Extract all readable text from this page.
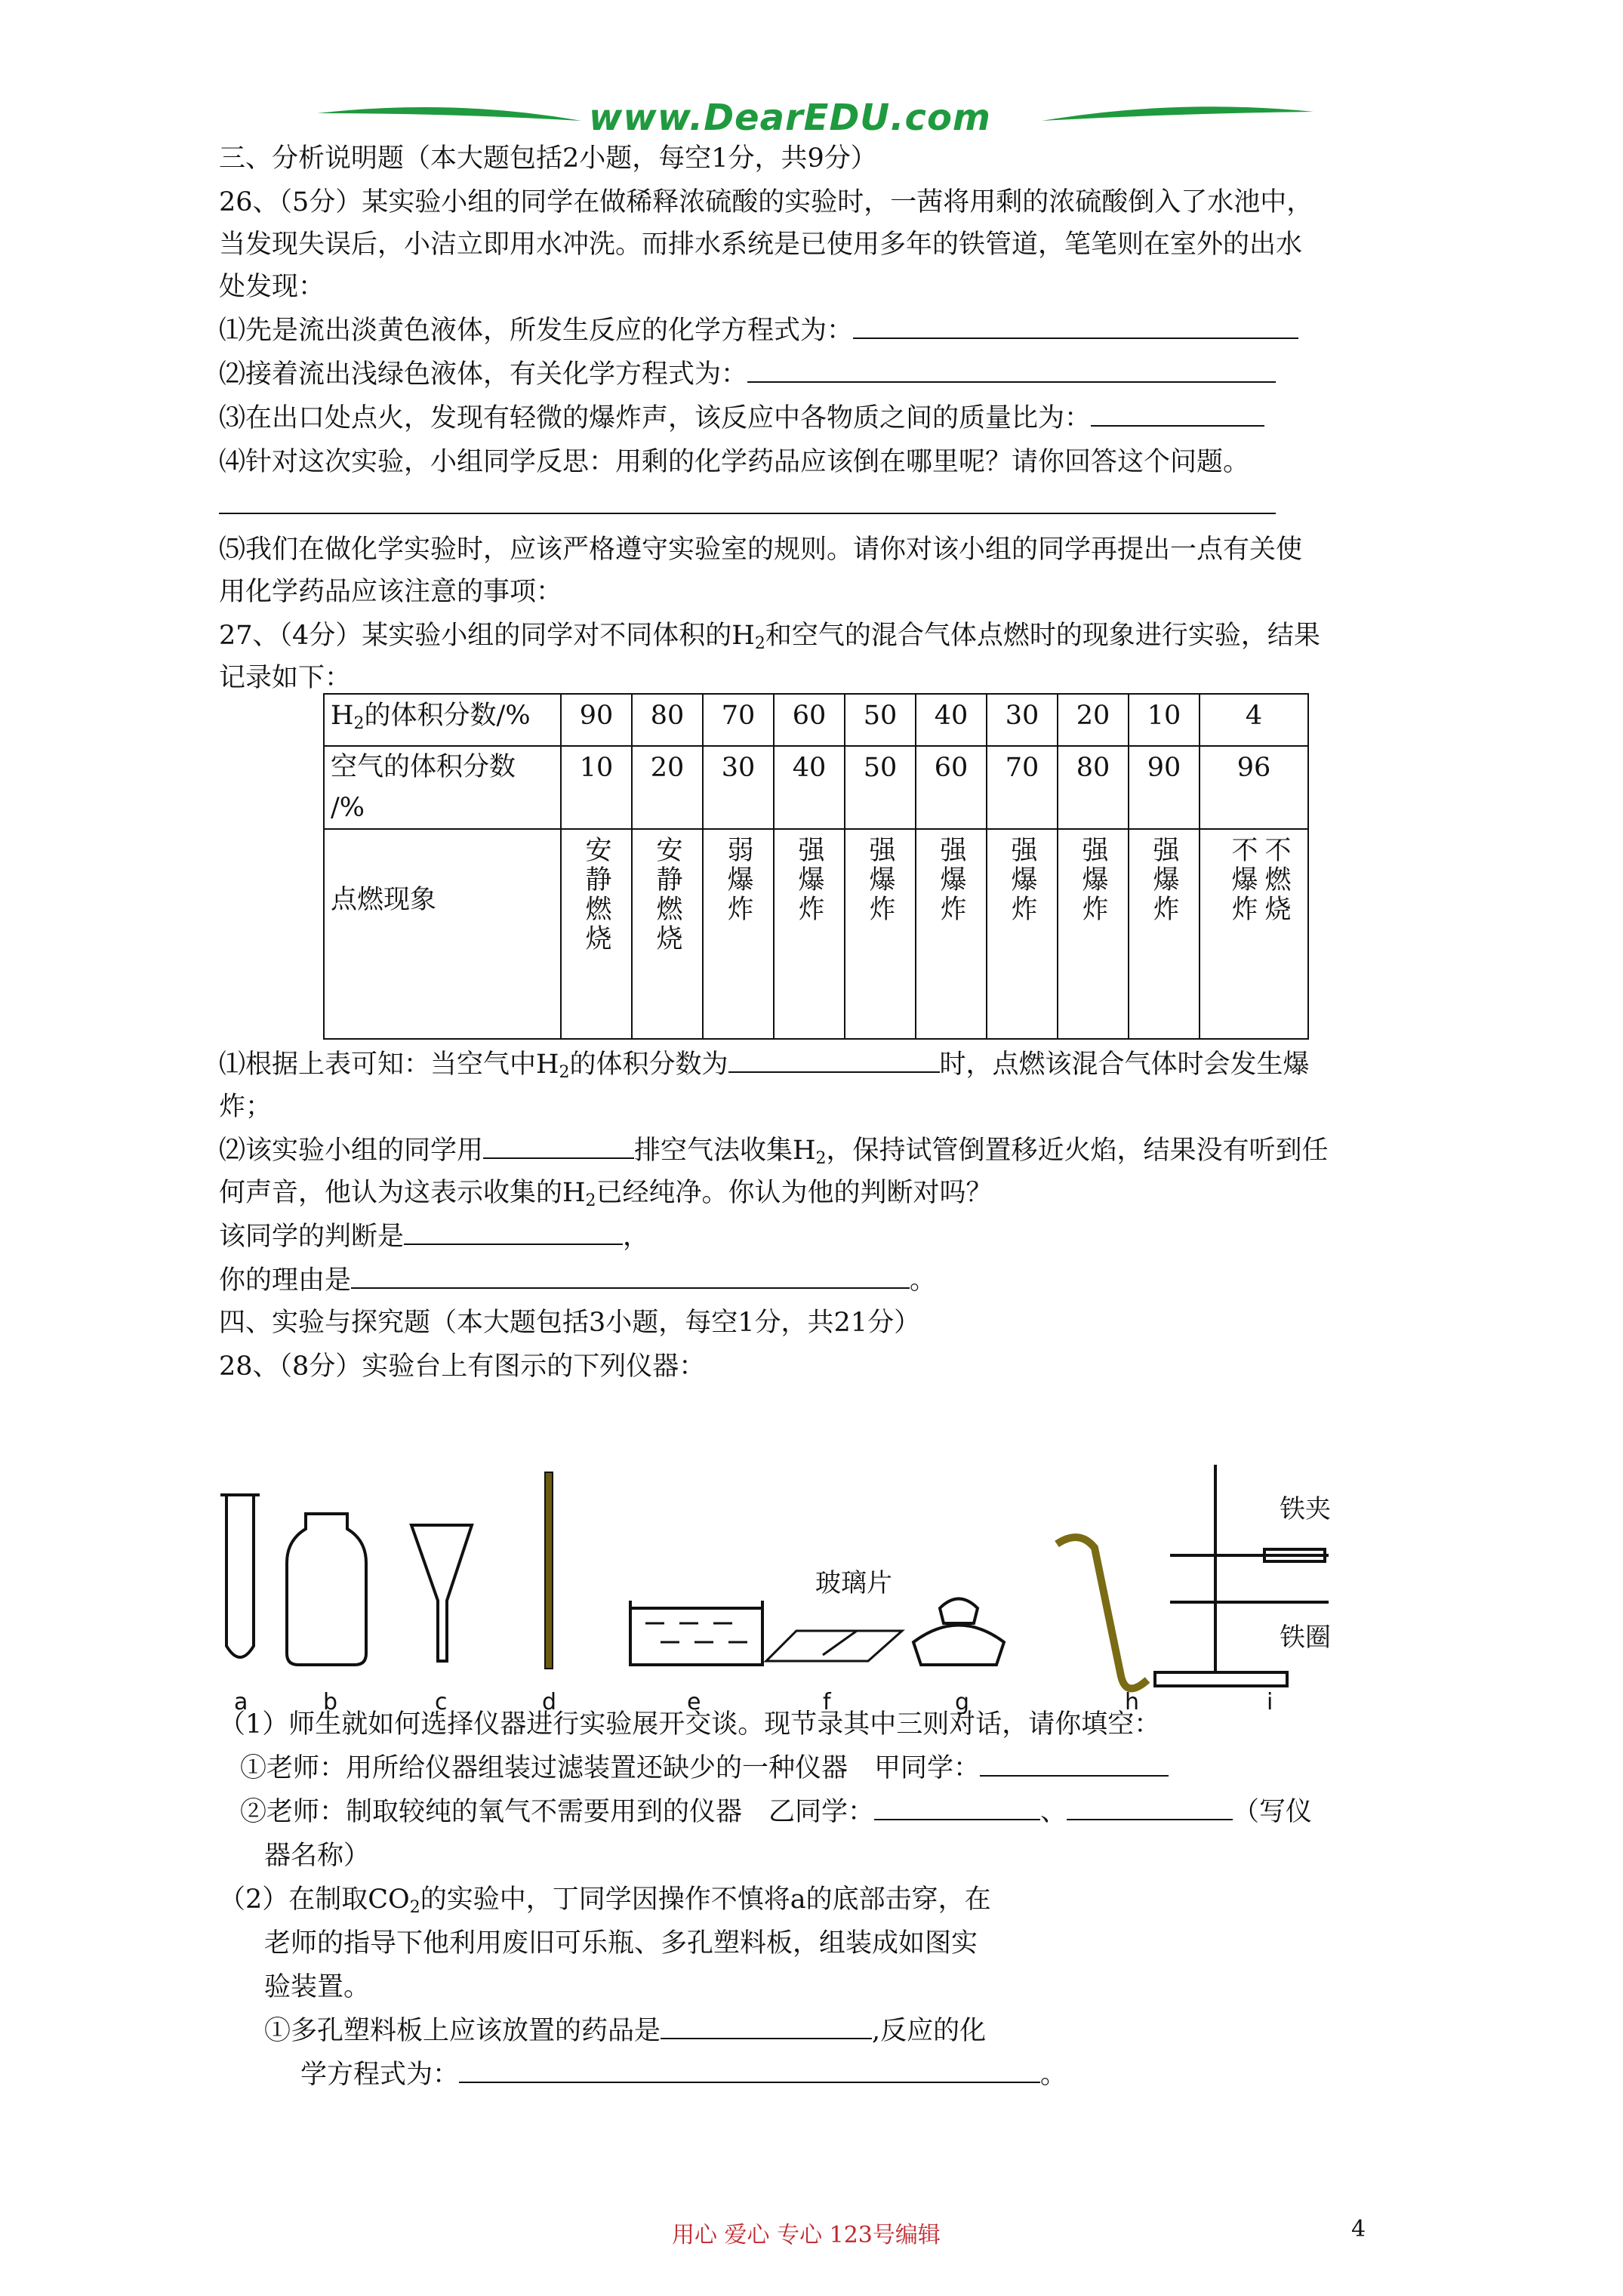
www.DearEDU.com
三、分析说明题（本大题包括2小题，每空1分，共9分）
26、（5分）某实验小组的同学在做稀释浓硫酸的实验时，一茜将用剩的浓硫酸倒入了水池中，
当发现失误后，小洁立即用水冲洗。而排水系统是已使用多年的铁管道，笔笔则在室外的出水
处发现：
⑴先是流出淡黄色液体，所发生反应的化学方程式为：
⑵接着流出浅绿色液体，有关化学方程式为：
⑶在出口处点火，发现有轻微的爆炸声，该反应中各物质之间的质量比为：
⑷针对这次实验，小组同学反思：用剩的化学药品应该倒在哪里呢？请你回答这个问题。
⑸我们在做化学实验时，应该严格遵守实验室的规则。请你对该小组的同学再提出一点有关使
用化学药品应该注意的事项：
27、（4分）某实验小组的同学对不同体积的$H_2$和空气的混合气体点燃时的现象进行实验，结果
记录如下：
$H_2$的体积分数/%	90	80	70	60	50	40	30	20	10	4
空气的体积分数
/%	10	20	30	40	50	60	70	80	90	96
点燃现象	安静燃烧	安静燃烧	弱爆炸	强爆炸	强爆炸	强爆炸	强爆炸	强爆炸	强爆炸	不爆炸 不燃烧
⑴根据上表可知：当空气中$H_2$的体积分数为	时，点燃该混合气体时会发生爆
炸；
⑵该实验小组的同学用	排空气法收集$H_2$，保持试管倒置移近火焰，结果没有听到任
何声音，他认为这表示收集的$H_2$已经纯净。你认为他的判断对吗？
该同学的判断是	，
你的理由是	。
四、实验与探究题（本大题包括3小题，每空1分，共21分）
28、（8分）实验台上有图示的下列仪器：
玻璃片
铁夹
铁圈
a	b	c	d	e	f	g	h	i
（1）师生就如何选择仪器进行实验展开交谈。现节录其中三则对话，请你填空：
①老师：用所给仪器组装过滤装置还缺少的一种仪器　甲同学：
②老师：制取较纯的氧气不需要用到的仪器　乙同学：	、	（写仪
器名称）
（2）在制取$CO_2$的实验中，丁同学因操作不慎将a的底部击穿，在
老师的指导下他利用废旧可乐瓶、多孔塑料板，组装成如图实
验装置。
①多孔塑料板上应该放置的药品是	,反应的化
学方程式为：	。
用心 爱心 专心 123号编辑	4
